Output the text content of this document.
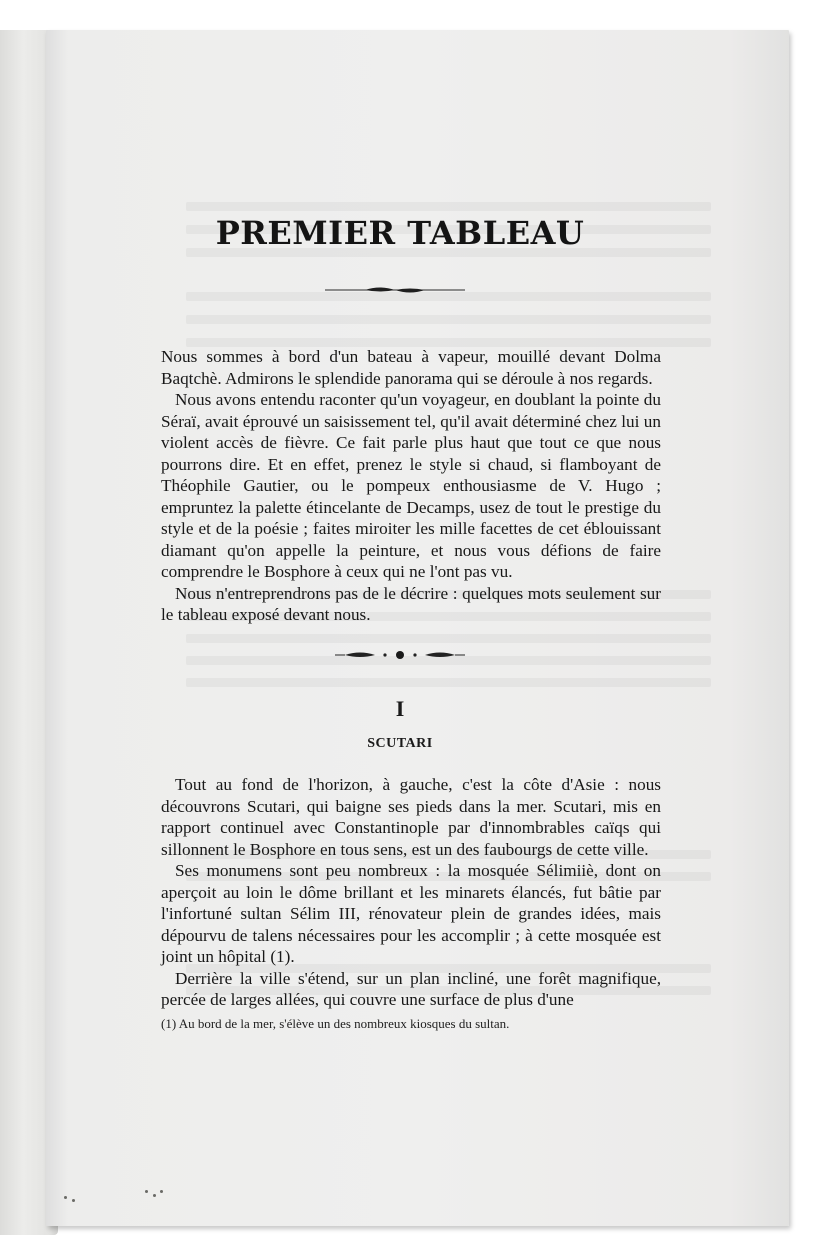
PREMIER TABLEAU

Nous sommes à bord d'un bateau à vapeur, mouillé devant Dolma Baqtchè. Admirons le splendide panorama qui se déroule à nos regards.

Nous avons entendu raconter qu'un voyageur, en doublant la pointe du Séraï, avait éprouvé un saisissement tel, qu'il avait déterminé chez lui un violent accès de fièvre. Ce fait parle plus haut que tout ce que nous pourrons dire. Et en effet, prenez le style si chaud, si flamboyant de Théophile Gautier, ou le pompeux enthousiasme de V. Hugo ; empruntez la palette étincelante de Decamps, usez de tout le prestige du style et de la poésie ; faites miroiter les mille facettes de cet éblouissant diamant qu'on appelle la peinture, et nous vous défions de faire comprendre le Bosphore à ceux qui ne l'ont pas vu.

Nous n'entreprendrons pas de le décrire : quelques mots seulement sur le tableau exposé devant nous.

I
SCUTARI

Tout au fond de l'horizon, à gauche, c'est la côte d'Asie : nous découvrons Scutari, qui baigne ses pieds dans la mer. Scutari, mis en rapport continuel avec Constantinople par d'innombrables caïqs qui sillonnent le Bosphore en tous sens, est un des faubourgs de cette ville.

Ses monumens sont peu nombreux : la mosquée Sélimiiè, dont on aperçoit au loin le dôme brillant et les minarets élancés, fut bâtie par l'infortuné sultan Sélim III, rénovateur plein de grandes idées, mais dépourvu de talens nécessaires pour les accomplir ; à cette mosquée est joint un hôpital (1).

Derrière la ville s'étend, sur un plan incliné, une forêt magnifique, percée de larges allées, qui couvre une surface de plus d'une

(1) Au bord de la mer, s'élève un des nombreux kiosques du sultan.
